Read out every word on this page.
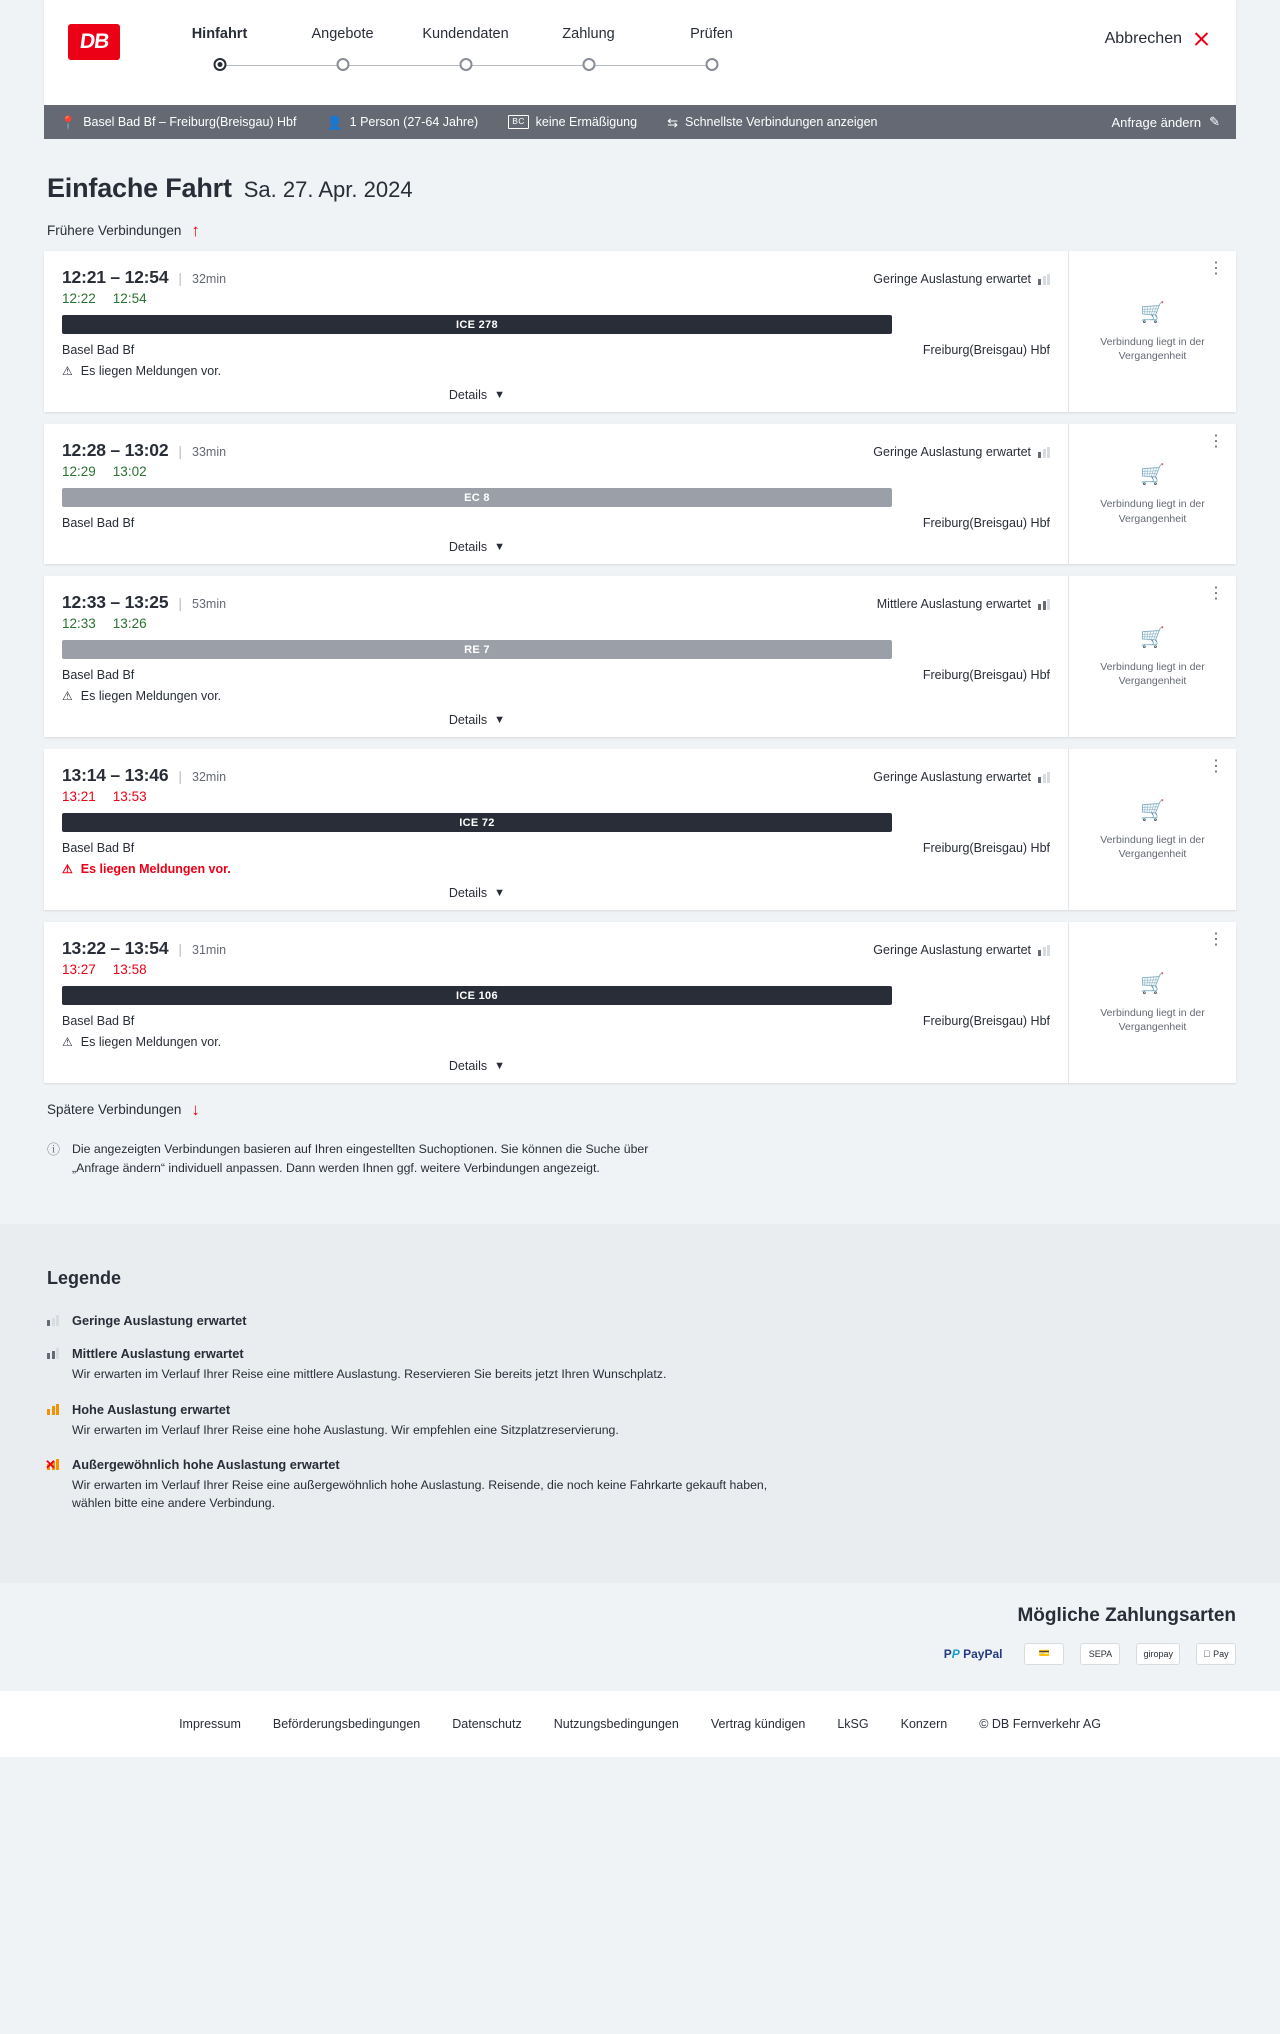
DB	Hinfahrt	Angebote	Kundendaten	Zahlung	Prüfen	Abbrechen
📍 Basel Bad Bf – Freiburg(Breisgau) Hbf 👤 1 Person (27-64 Jahre)	BC keine Ermäßigung ⇆ Schnellste Verbindungen anzeigen	Anfrage ändern ✎
Einfache Fahrt Sa. 27. Apr. 2024
Frühere Verbindungen ↑
12:21 – 12:54 | 32min	Geringe Auslastung erwartet
12:22 12:54
ICE 278
Basel Bad Bf	Freiburg(Breisgau) Hbf
⚠ Es liegen Meldungen vor.
Details ▼
⋮
🛒
Verbindung liegt in der Vergangenheit
12:28 – 13:02 | 33min	Geringe Auslastung erwartet
12:29 13:02
EC 8
Basel Bad Bf	Freiburg(Breisgau) Hbf
Details ▼
⋮
🛒
Verbindung liegt in der Vergangenheit
12:33 – 13:25 | 53min	Mittlere Auslastung erwartet
12:33 13:26
RE 7
Basel Bad Bf	Freiburg(Breisgau) Hbf
⚠ Es liegen Meldungen vor.
Details ▼
⋮
🛒
Verbindung liegt in der Vergangenheit
13:14 – 13:46 | 32min	Geringe Auslastung erwartet
13:21 13:53
ICE 72
Basel Bad Bf	Freiburg(Breisgau) Hbf
⚠ Es liegen Meldungen vor.
Details ▼
⋮
🛒
Verbindung liegt in der Vergangenheit
13:22 – 13:54 | 31min	Geringe Auslastung erwartet
13:27 13:58
ICE 106
Basel Bad Bf	Freiburg(Breisgau) Hbf
⚠ Es liegen Meldungen vor.
Details ▼
⋮
🛒
Verbindung liegt in der Vergangenheit
Spätere Verbindungen ↓
ⓘ Die angezeigten Verbindungen basieren auf Ihren eingestellten Suchoptionen. Sie können die Suche über „Anfrage ändern“ individuell anpassen. Dann werden Ihnen ggf. weitere Verbindungen angezeigt.
Legende
Geringe Auslastung erwartet
Mittlere Auslastung erwartet
Wir erwarten im Verlauf Ihrer Reise eine mittlere Auslastung. Reservieren Sie bereits jetzt Ihren Wunschplatz.
Hohe Auslastung erwartet
Wir erwarten im Verlauf Ihrer Reise eine hohe Auslastung. Wir empfehlen eine Sitzplatzreservierung.
✕	Außergewöhnlich hohe Auslastung erwartet
Wir erwarten im Verlauf Ihrer Reise eine außergewöhnlich hohe Auslastung. Reisende, die noch keine Fahrkarte gekauft haben, wählen bitte eine andere Verbindung.
Mögliche Zahlungsarten
PP PayPal	💳	SEPA	giropay	Pay
Impressum	Beförderungsbedingungen	Datenschutz	Nutzungsbedingungen	Vertrag kündigen	LkSG	Konzern	© DB Fernverkehr AG
